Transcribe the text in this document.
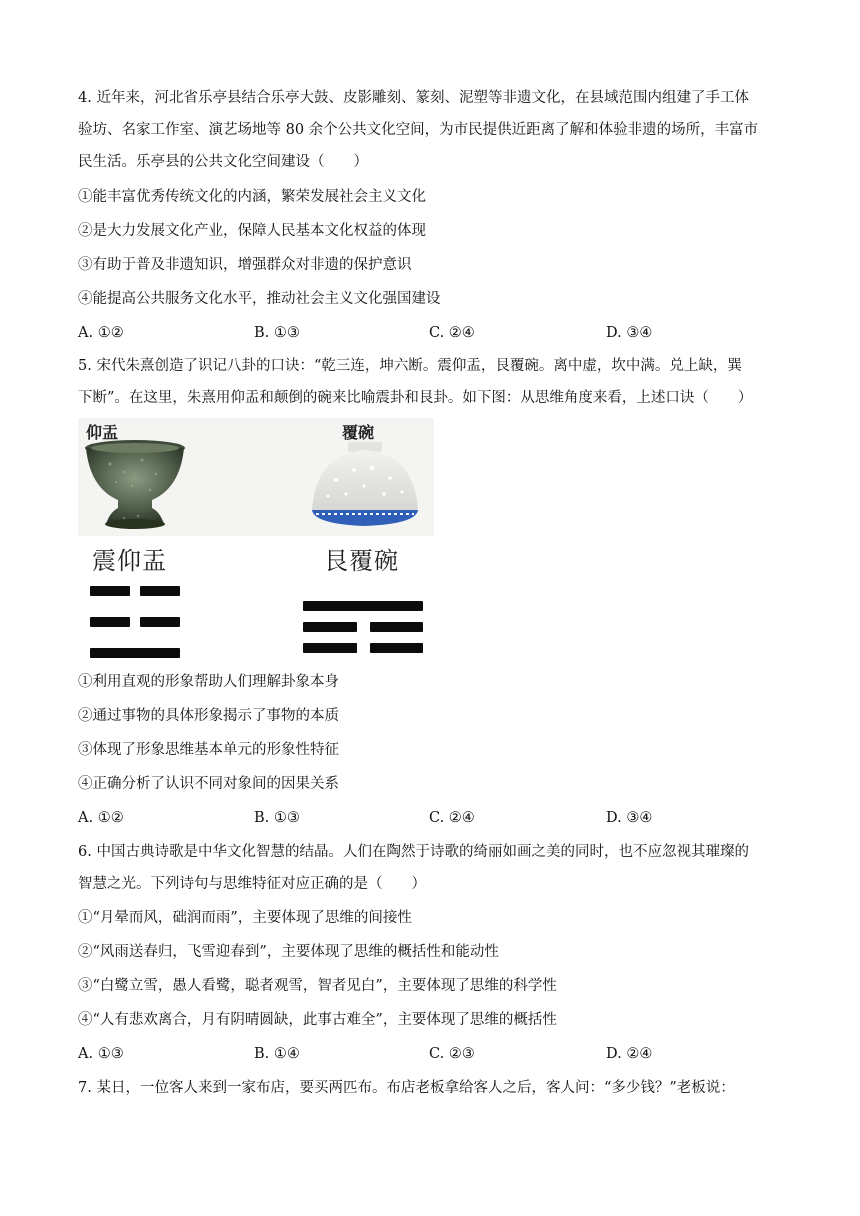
4. 近年来，河北省乐亭县结合乐亭大鼓、皮影雕刻、篆刻、泥塑等非遗文化，在县域范围内组建了手工体
验坊、名家工作室、演艺场地等 80 余个公共文化空间，为市民提供近距离了解和体验非遗的场所，丰富市
民生活。乐亭县的公共文化空间建设（　　）
①能丰富优秀传统文化的内涵，繁荣发展社会主义文化
②是大力发展文化产业，保障人民基本文化权益的体现
③有助于普及非遗知识，增强群众对非遗的保护意识
④能提高公共服务文化水平，推动社会主义文化强国建设
A. ①②	B. ①③	C. ②④	D. ③④
5. 宋代朱熹创造了识记八卦的口诀：“乾三连，坤六断。震仰盂，艮覆碗。离中虚，坎中满。兑上缺，巽
下断”。在这里，朱熹用仰盂和颠倒的碗来比喻震卦和艮卦。如下图：从思维角度来看，上述口诀（　　）
仰盂	覆碗
震仰盂	艮覆碗
①利用直观的形象帮助人们理解卦象本身
②通过事物的具体形象揭示了事物的本质
③体现了形象思维基本单元的形象性特征
④正确分析了认识不同对象间的因果关系
A. ①②	B. ①③	C. ②④	D. ③④
6. 中国古典诗歌是中华文化智慧的结晶。人们在陶然于诗歌的绮丽如画之美的同时，也不应忽视其璀璨的
智慧之光。下列诗句与思维特征对应正确的是（　　）
①“月晕而风，础润而雨”，主要体现了思维的间接性
②“风雨送春归，飞雪迎春到”，主要体现了思维的概括性和能动性
③“白鹭立雪，愚人看鹭，聪者观雪，智者见白”，主要体现了思维的科学性
④“人有悲欢离合，月有阴晴圆缺，此事古难全”，主要体现了思维的概括性
A. ①③	B. ①④	C. ②③	D. ②④
7. 某日，一位客人来到一家布店，要买两匹布。布店老板拿给客人之后，客人问：“多少钱？”老板说：
